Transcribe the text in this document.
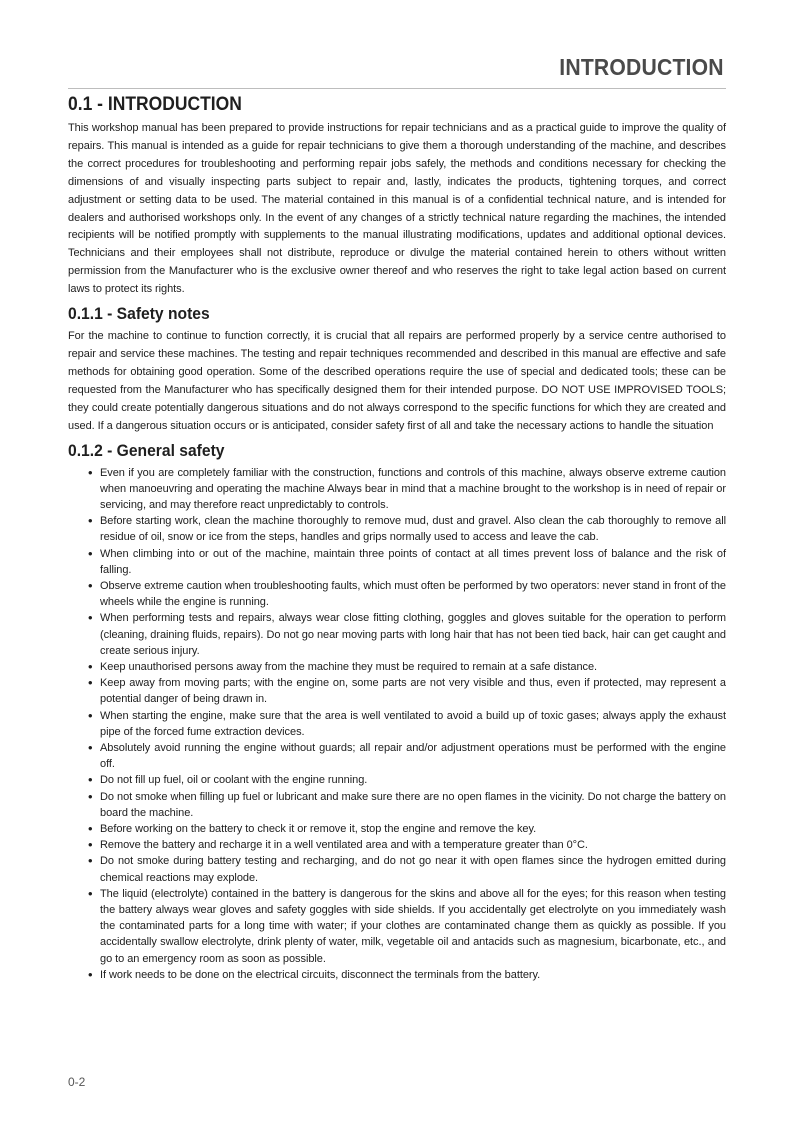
INTRODUCTION
0.1 - INTRODUCTION

This workshop manual has been prepared to provide instructions for repair technicians and as a practical guide to improve the quality of repairs. This manual is intended as a guide for repair technicians to give them a thorough understanding of the machine, and describes the correct procedures for troubleshooting and performing repair jobs safely, the methods and conditions necessary for checking the dimensions of and visually inspecting parts subject to repair and, lastly, indicates the products, tightening torques, and correct adjustment or setting data to be used. The material contained in this manual is of a confidential technical nature, and is intended for dealers and authorised workshops only. In the event of any changes of a strictly technical nature regarding the machines, the intended recipients will be notified promptly with supplements to the manual illustrating modifications, updates and additional optional devices. Technicians and their employees shall not distribute, reproduce or divulge the material contained herein to others without written permission from the Manufacturer who is the exclusive owner thereof and who reserves the right to take legal action based on current laws to protect its rights.

0.1.1 - Safety notes

For the machine to continue to function correctly, it is crucial that all repairs are performed properly by a service centre authorised to repair and service these machines. The testing and repair techniques recommended and described in this manual are effective and safe methods for obtaining good operation. Some of the described operations require the use of special and dedicated tools; these can be requested from the Manufacturer who has specifically designed them for their intended purpose. DO NOT USE IMPROVISED TOOLS; they could create potentially dangerous situations and do not always correspond to the specific functions for which they are created and used. If a dangerous situation occurs or is anticipated, consider safety first of all and take the necessary actions to handle the situation

0.1.2 - General safety
• Even if you are completely familiar with the construction, functions and controls of this machine, always observe extreme caution when manoeuvring and operating the machine Always bear in mind that a machine brought to the workshop is in need of repair or servicing, and may therefore react unpredictably to controls.
• Before starting work, clean the machine thoroughly to remove mud, dust and gravel. Also clean the cab thoroughly to remove all residue of oil, snow or ice from the steps, handles and grips normally used to access and leave the cab.
• When climbing into or out of the machine, maintain three points of contact at all times prevent loss of balance and the risk of falling.
• Observe extreme caution when troubleshooting faults, which must often be performed by two operators: never stand in front of the wheels while the engine is running.
• When performing tests and repairs, always wear close fitting clothing, goggles and gloves suitable for the operation to perform (cleaning, draining fluids, repairs). Do not go near moving parts with long hair that has not been tied back, hair can get caught and create serious injury.
• Keep unauthorised persons away from the machine they must be required to remain at a safe distance.
• Keep away from moving parts; with the engine on, some parts are not very visible and thus, even if protected, may represent a potential danger of being drawn in.
• When starting the engine, make sure that the area is well ventilated to avoid a build up of toxic gases; always apply the exhaust pipe of the forced fume extraction devices.
• Absolutely avoid running the engine without guards; all repair and/or adjustment operations must be performed with the engine off.
• Do not fill up fuel, oil or coolant with the engine running.
• Do not smoke when filling up fuel or lubricant and make sure there are no open flames in the vicinity. Do not charge the battery on board the machine.
• Before working on the battery to check it or remove it, stop the engine and remove the key.
• Remove the battery and recharge it in a well ventilated area and with a temperature greater than 0°C.
• Do not smoke during battery testing and recharging, and do not go near it with open flames since the hydrogen emitted during chemical reactions may explode.
• The liquid (electrolyte) contained in the battery is dangerous for the skins and above all for the eyes; for this reason when testing the battery always wear gloves and safety goggles with side shields. If you accidentally get electrolyte on you immediately wash the contaminated parts for a long time with water; if your clothes are contaminated change them as quickly as possible. If you accidentally swallow electrolyte, drink plenty of water, milk, vegetable oil and antacids such as magnesium, bicarbonate, etc., and go to an emergency room as soon as possible.
• If work needs to be done on the electrical circuits, disconnect the terminals from the battery.
0-2
